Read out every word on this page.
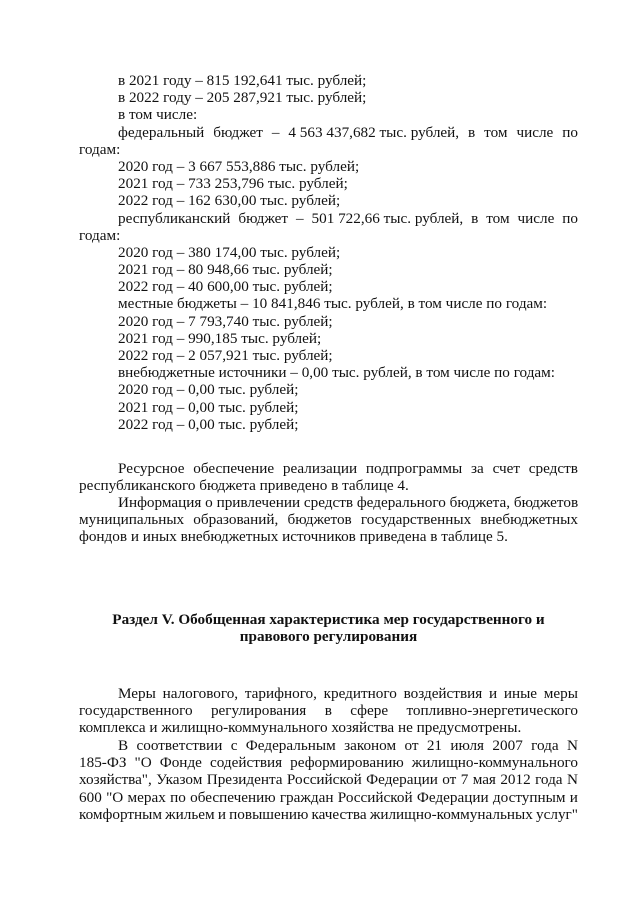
в 2021 году – 815 192,641 тыс. рублей;
в 2022 году – 205 287,921 тыс. рублей;
в том числе:
федеральный бюджет – 4 563 437,682 тыс. рублей, в том числе по
годам:
2020 год – 3 667 553,886 тыс. рублей;
2021 год – 733 253,796 тыс. рублей;
2022 год – 162 630,00 тыс. рублей;
республиканский бюджет – 501 722,66 тыс. рублей, в том числе по
годам:
2020 год – 380 174,00 тыс. рублей;
2021 год – 80 948,66 тыс. рублей;
2022 год – 40 600,00 тыс. рублей;
местные бюджеты – 10 841,846 тыс. рублей, в том числе по годам:
2020 год – 7 793,740 тыс. рублей;
2021 год – 990,185 тыс. рублей;
2022 год – 2 057,921 тыс. рублей;
внебюджетные источники – 0,00 тыс. рублей, в том числе по годам:
2020 год – 0,00 тыс. рублей;
2021 год – 0,00 тыс. рублей;
2022 год – 0,00 тыс. рублей;
Ресурсное обеспечение реализации подпрограммы за счет средств
республиканского бюджета приведено в таблице 4.
Информация о привлечении средств федерального бюджета, бюджетов
муниципальных образований, бюджетов государственных внебюджетных
фондов и иных внебюджетных источников приведена в таблице 5.
Раздел V. Обобщенная характеристика мер государственного и
правового регулирования
Меры налогового, тарифного, кредитного воздействия и иные меры
государственного регулирования в сфере топливно-энергетического
комплекса и жилищно-коммунального хозяйства не предусмотрены.
В соответствии с Федеральным законом от 21 июля 2007 года N
185-ФЗ "О Фонде содействия реформированию жилищно-коммунального
хозяйства", Указом Президента Российской Федерации от 7 мая 2012 года N
600 "О мерах по обеспечению граждан Российской Федерации доступным и
комфортным жильем и повышению качества жилищно-коммунальных услуг"
